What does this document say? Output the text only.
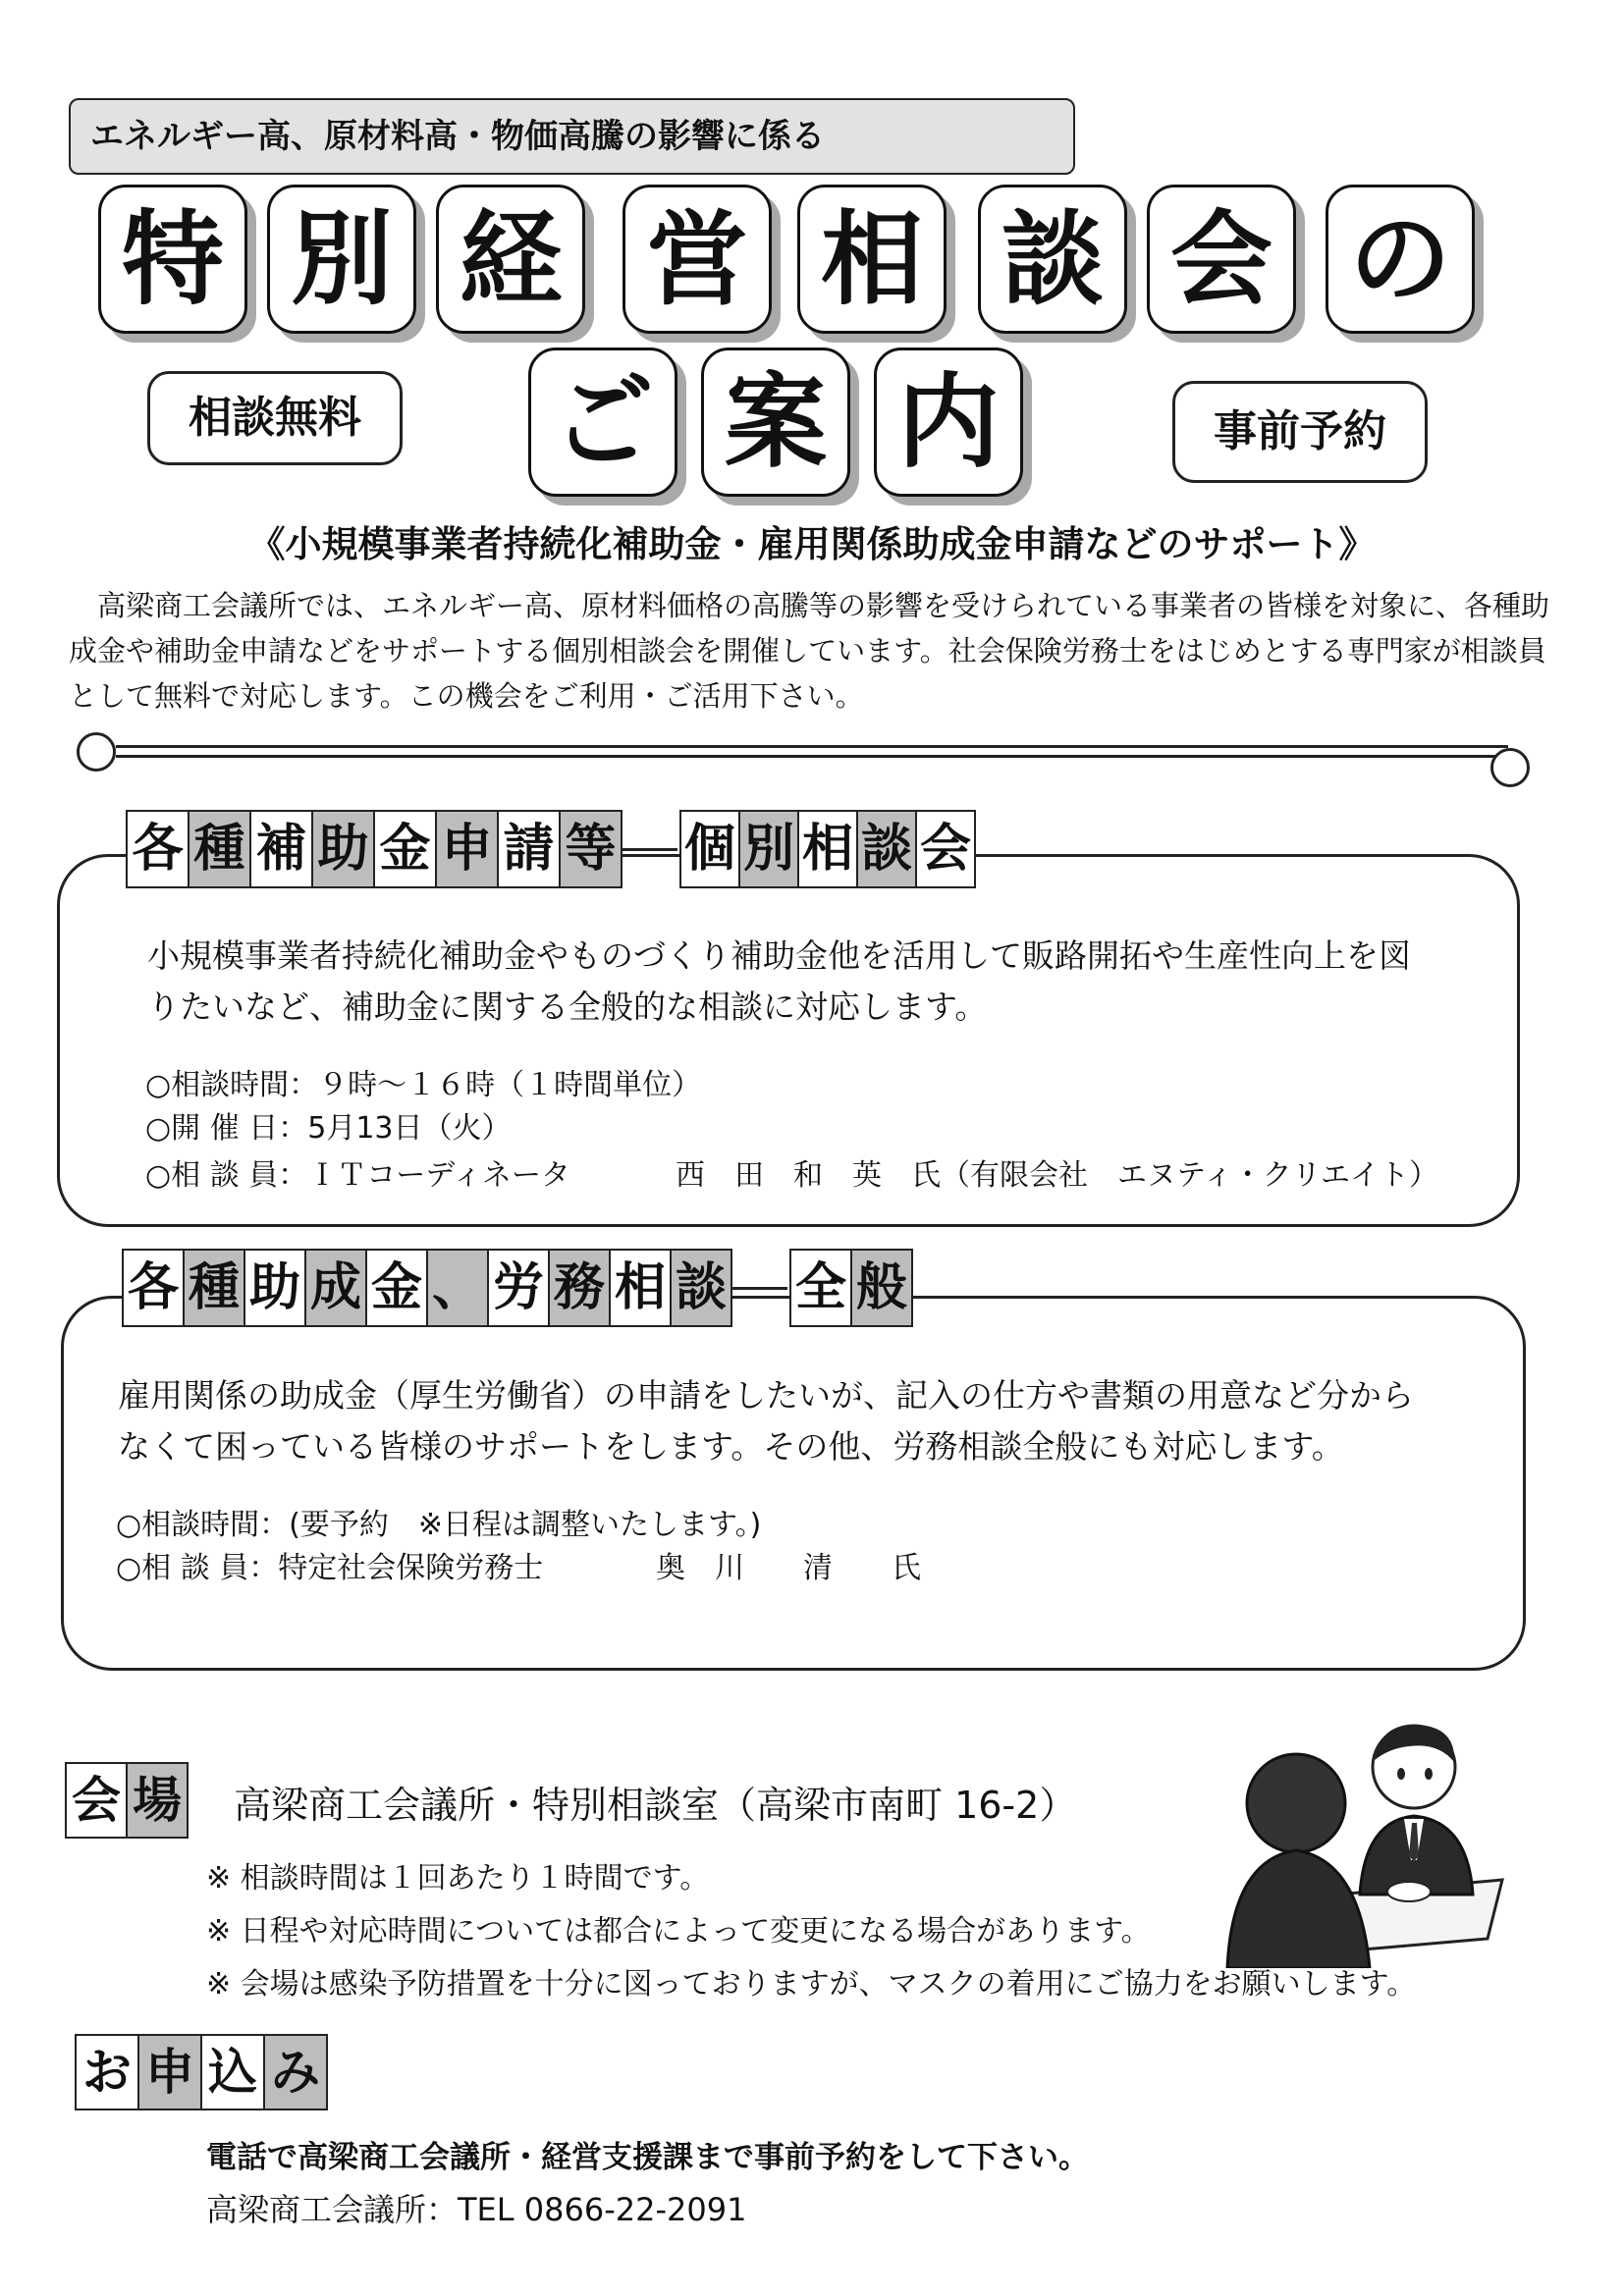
エネルギー高、原材料高・物価高騰の影響に係る
特 別 経 営 相 談 会 の
ご 案 内
相談無料	事前予約
《小規模事業者持続化補助金・雇用関係助成金申請などのサポート》
　高梁商工会議所では、エネルギー高、原材料価格の高騰等の影響を受けられている事業者の皆様を対象に、各種助成金や補助金申請などをサポートする個別相談会を開催しています。社会保険労務士をはじめとする専門家が相談員として無料で対応します。この機会をご利用・ご活用下さい。
各 種 補 助 金 申 請 等 個 別 相 談 会
小規模事業者持続化補助金やものづくり補助金他を活用して販路開拓や生産性向上を図
りたいなど、補助金に関する全般的な相談に対応します。
○相談時間：９時～１６時（１時間単位）
○開 催 日：5月13日（火）
○相 談 員：ＩＴコーディネータ	西　田　和　英　氏（有限会社　エヌティ・クリエイト）
各 種 助 成 金 、 労 務 相 談 全 般
雇用関係の助成金（厚生労働省）の申請をしたいが、記入の仕方や書類の用意など分から
なくて困っている皆様のサポートをします。その他、労務相談全般にも対応します。
○相談時間：(要予約　※日程は調整いたします。)
○相 談 員：特定社会保険労務士	奥　川　　清　　氏
会 場 高梁商工会議所・特別相談室（高梁市南町 16-2）
※ 相談時間は１回あたり１時間です。
※ 日程や対応時間については都合によって変更になる場合があります。
※ 会場は感染予防措置を十分に図っておりますが、マスクの着用にご協力をお願いします。
お 申 込 み
電話で高梁商工会議所・経営支援課まで事前予約をして下さい。
高梁商工会議所：TEL 0866-22-2091
